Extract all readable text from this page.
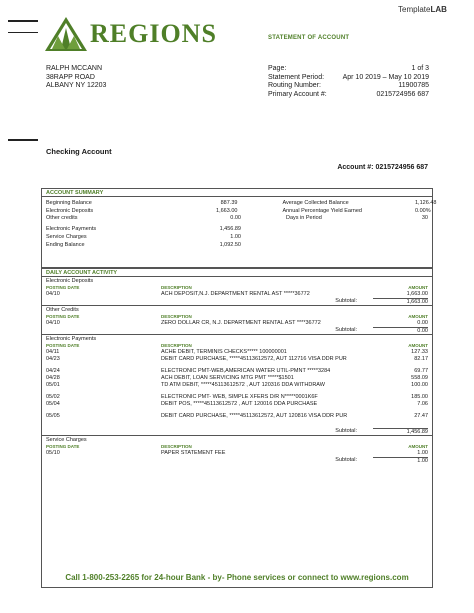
TemplateLAB
REGIONS	STATEMENT OF ACCOUNT
RALPH MCCANN
38RAPP ROAD
ALBANY NY 12203
Page:	1 of 3
Statement Period:	Apr 10 2019 – May 10 2019
Routing Number:	11900785
Primary Account #:	0215724956 687
Checking Account
Account #: 0215724956 687
ACCOUNT SUMMARY
Beginning Balance	887.39	Average Collected Balance	1,126.48
Electronic Deposits	1,663.00	Annual Percentage Yield Earned	0.00%
Other credits	0.00	Days in Period	30
Electronic Payments	1,456.89
Service Charges	1.00
Ending Balance	1,092.50
DAILY ACCOUNT ACTIVITY
Electronic Deposits
POSTING DATE	DESCRIPTION	AMOUNT
04/10	ACH DEPOSIT,N.J. DEPARTMENT RENTAL AST *****36772	1,663.00
Subtotal:	1,663.00
Other Credits
POSTING DATE	DESCRIPTION	AMOUNT
04/10	ZERO DOLLAR CR, N.J. DEPARTMENT RENTAL AST ****36772	0.00
Subtotal:	0.00
Electronic Payments
POSTING DATE	DESCRIPTION	AMOUNT
04/11	ACHE DEBIT, TERMINIS CHECKS***** 100000001	127.33
04/23	DEBIT CARD PURCHASE, *****45113612572, AUT 112716 VISA DDR PUR	82.17
04/24	ELECTRONIC PMT-WEB,AMERICAN WATER UTIL-PMNT *****3284	69.77
04/28	ACH DEBIT, LOAN SERVICING MTG PMT *****$1501	558.09
05/01	TD ATM DEBIT, *****45113612572 , AUT 120316 DDA WITHDRAW	100.00
05/02	ELECTRONIC PMT- WEB, SIMPLE XFERS D/R N*****0001K6F	185.00
05/04	DEBIT POS, *****45113612572 , AUT 120016 DDA PURCHASE	7.06
05/05	DEBIT CARD PURCHASE, *****45113612572, AUT 120816 VISA DDR PUR	27.47
Subtotal:	1,456.89
Service Charges
POSTING DATE	DESCRIPTION	AMOUNT
05/10	PAPER STATEMENT FEE	1.00
Subtotal:	1.00
Call 1-800-253-2265 for 24-hour Bank - by- Phone services or connect to www.regions.com
